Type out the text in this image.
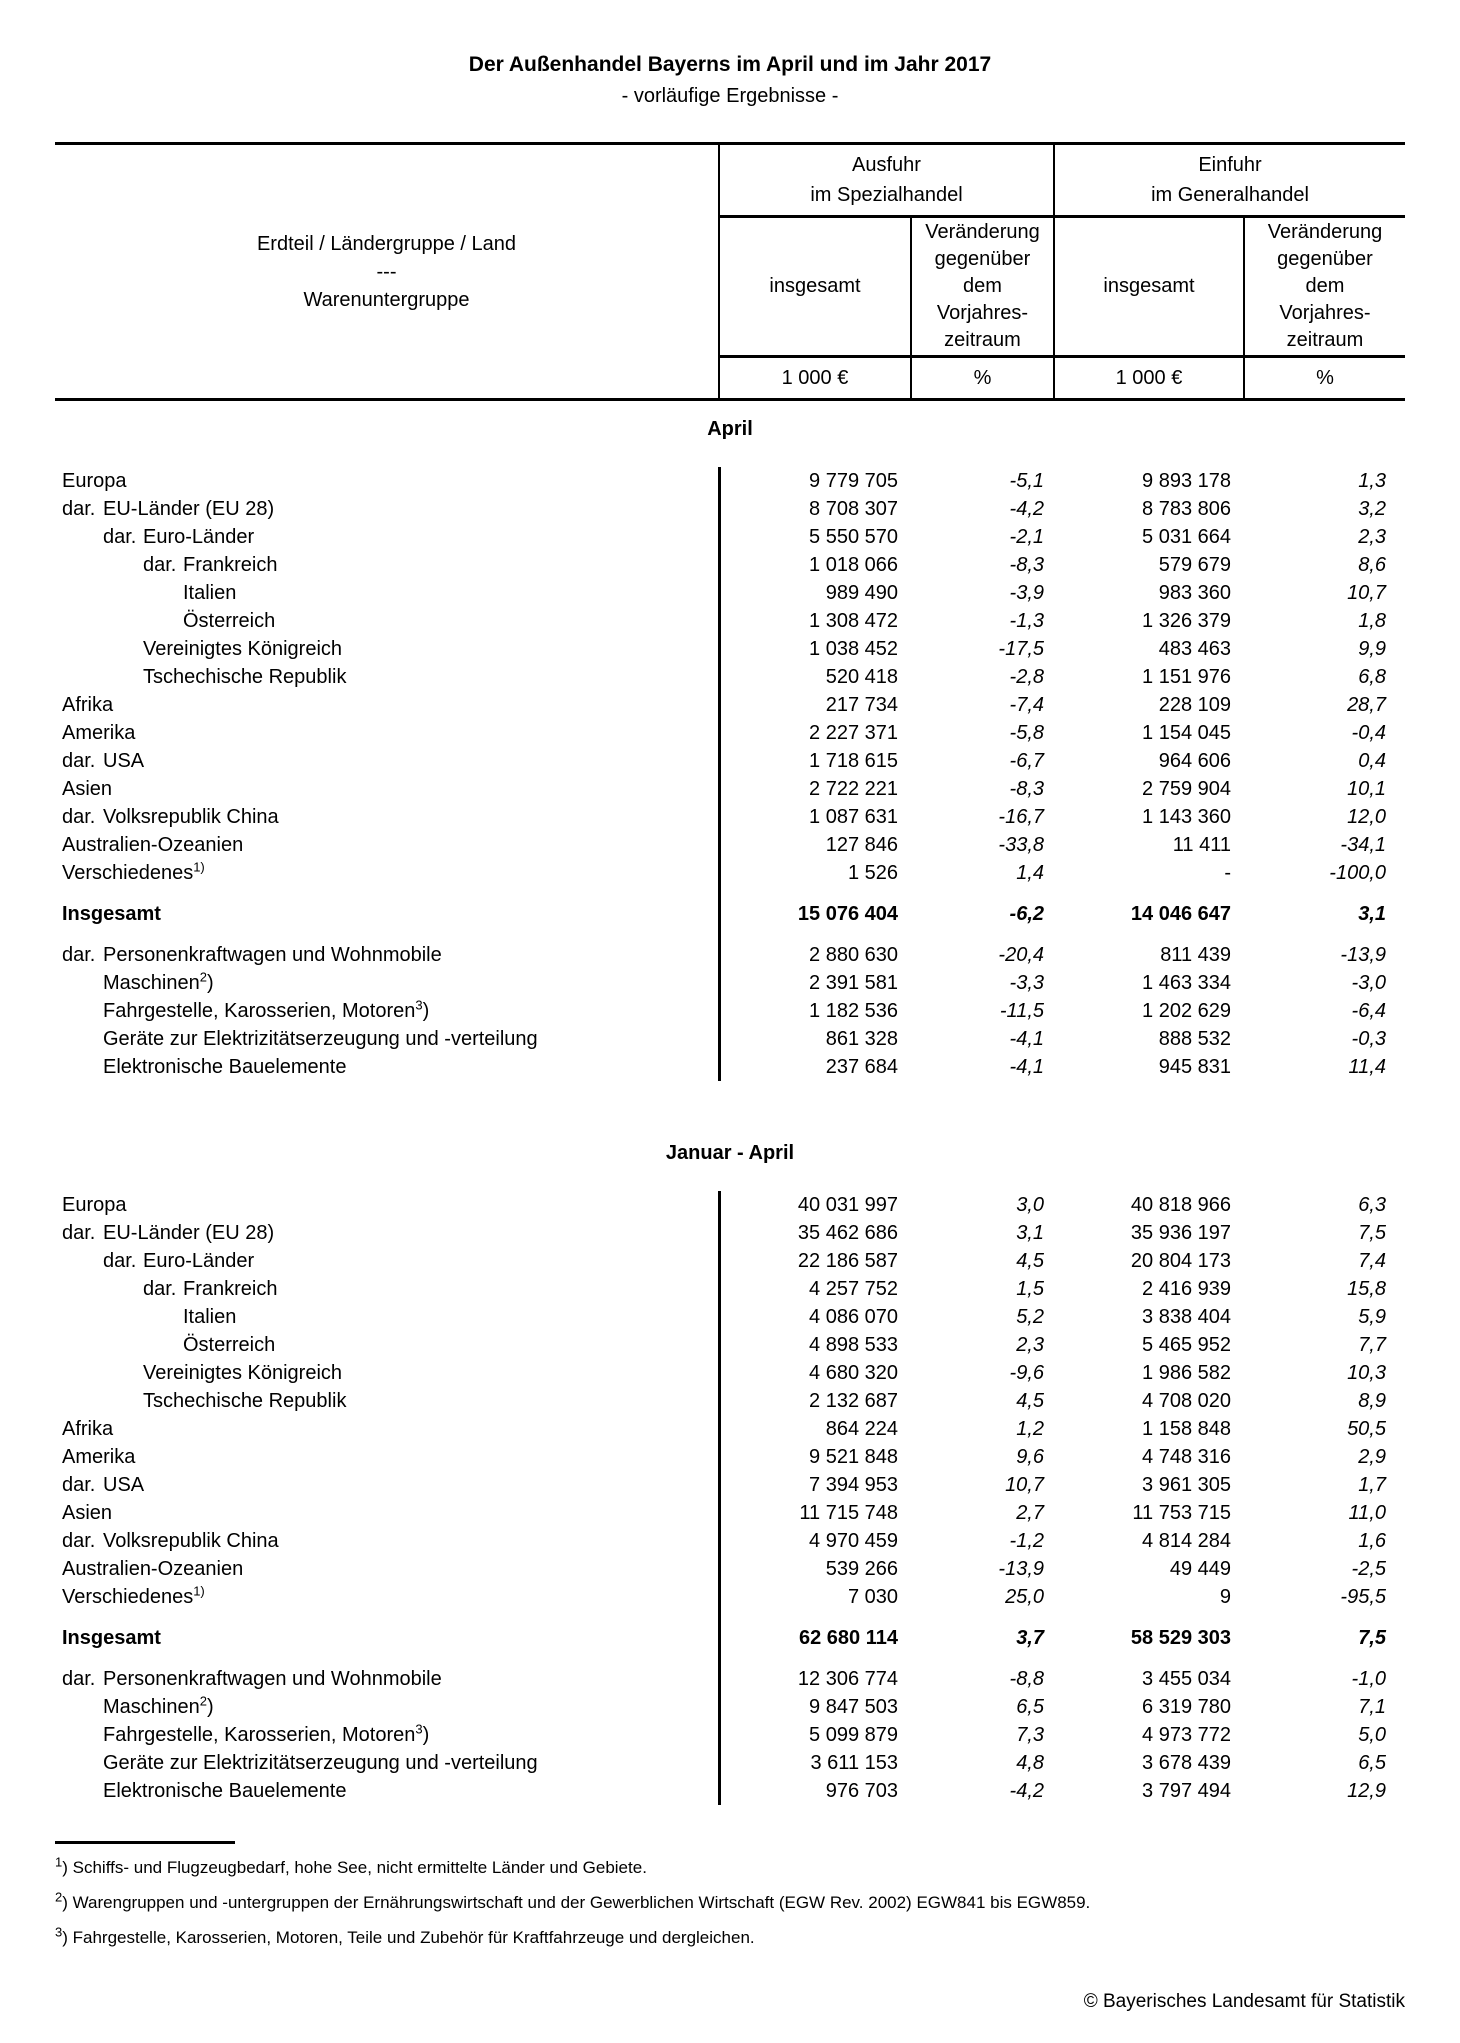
Der Außenhandel Bayerns im April und im Jahr 2017
- vorläufige Ergebnisse -
Erdteil / Ländergruppe / Land
---
Warenuntergruppe
Ausfuhr
im Spezialhandel
Einfuhr
im Generalhandel
insgesamt
Veränderung
gegenüber
dem
Vorjahres-
zeitraum
insgesamt
Veränderung
gegenüber
dem
Vorjahres-
zeitraum
1 000 €	%	1 000 €	%
April
Europa	9 779 705	-5,1	9 893 178	1,3
dar. EU-Länder (EU 28)	8 708 307	-4,2	8 783 806	3,2
dar. Euro-Länder	5 550 570	-2,1	5 031 664	2,3
dar. Frankreich	1 018 066	-8,3	579 679	8,6
Italien	989 490	-3,9	983 360	10,7
Österreich	1 308 472	-1,3	1 326 379	1,8
Vereinigtes Königreich	1 038 452	-17,5	483 463	9,9
Tschechische Republik	520 418	-2,8	1 151 976	6,8
Afrika	217 734	-7,4	228 109	28,7
Amerika	2 227 371	-5,8	1 154 045	-0,4
dar. USA	1 718 615	-6,7	964 606	0,4
Asien	2 722 221	-8,3	2 759 904	10,1
dar. Volksrepublik China	1 087 631	-16,7	1 143 360	12,0
Australien-Ozeanien	127 846	-33,8	11 411	-34,1
Verschiedenes$^{1)}$	1 526	1,4	-	-100,0
Insgesamt	15 076 404	-6,2	14 046 647	3,1
dar. Personenkraftwagen und Wohnmobile	2 880 630	-20,4	811 439	-13,9
Maschinen$^2$)	2 391 581	-3,3	1 463 334	-3,0
Fahrgestelle, Karosserien, Motoren$^3$)	1 182 536	-11,5	1 202 629	-6,4
Geräte zur Elektrizitätserzeugung und -verteilung	861 328	-4,1	888 532	-0,3
Elektronische Bauelemente	237 684	-4,1	945 831	11,4
Januar - April
Europa	40 031 997	3,0	40 818 966	6,3
dar. EU-Länder (EU 28)	35 462 686	3,1	35 936 197	7,5
dar. Euro-Länder	22 186 587	4,5	20 804 173	7,4
dar. Frankreich	4 257 752	1,5	2 416 939	15,8
Italien	4 086 070	5,2	3 838 404	5,9
Österreich	4 898 533	2,3	5 465 952	7,7
Vereinigtes Königreich	4 680 320	-9,6	1 986 582	10,3
Tschechische Republik	2 132 687	4,5	4 708 020	8,9
Afrika	864 224	1,2	1 158 848	50,5
Amerika	9 521 848	9,6	4 748 316	2,9
dar. USA	7 394 953	10,7	3 961 305	1,7
Asien	11 715 748	2,7	11 753 715	11,0
dar. Volksrepublik China	4 970 459	-1,2	4 814 284	1,6
Australien-Ozeanien	539 266	-13,9	49 449	-2,5
Verschiedenes$^{1)}$	7 030	25,0	9	-95,5
Insgesamt	62 680 114	3,7	58 529 303	7,5
dar. Personenkraftwagen und Wohnmobile	12 306 774	-8,8	3 455 034	-1,0
Maschinen$^2$)	9 847 503	6,5	6 319 780	7,1
Fahrgestelle, Karosserien, Motoren$^3$)	5 099 879	7,3	4 973 772	5,0
Geräte zur Elektrizitätserzeugung und -verteilung	3 611 153	4,8	3 678 439	6,5
Elektronische Bauelemente	976 703	-4,2	3 797 494	12,9
$^1$) Schiffs- und Flugzeugbedarf, hohe See, nicht ermittelte Länder und Gebiete.
$^2$) Warengruppen und -untergruppen der Ernährungswirtschaft und der Gewerblichen Wirtschaft (EGW Rev. 2002) EGW841 bis EGW859.
$^3$) Fahrgestelle, Karosserien, Motoren, Teile und Zubehör für Kraftfahrzeuge und dergleichen.
© Bayerisches Landesamt für Statistik
